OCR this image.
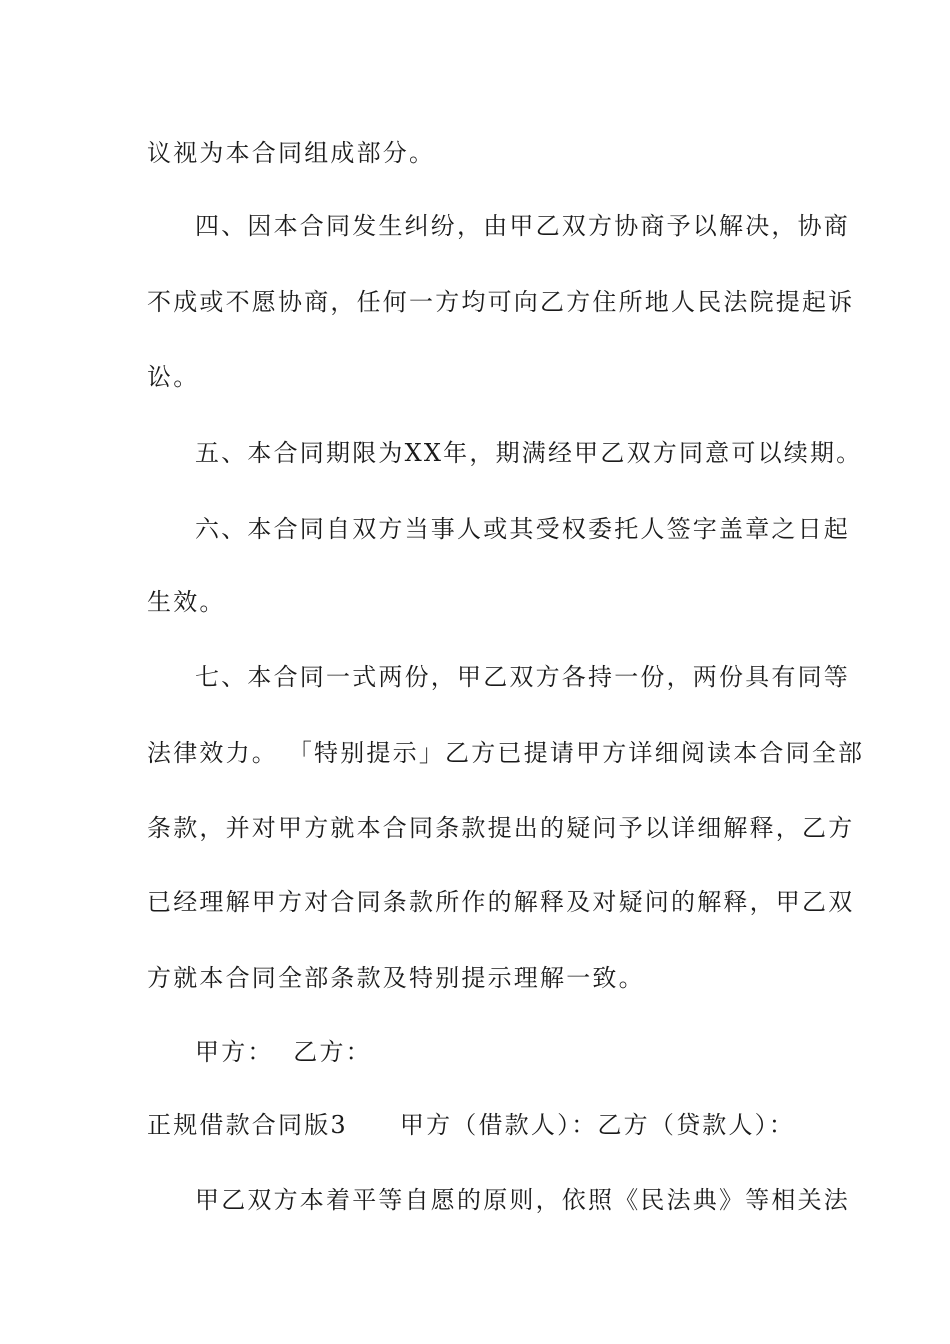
议视为本合同组成部分。
四、因本合同发生纠纷，由甲乙双方协商予以解决，协商
不成或不愿协商，任何一方均可向乙方住所地人民法院提起诉
讼。
五、本合同期限为XX年，期满经甲乙双方同意可以续期。
六、本合同自双方当事人或其受权委托人签字盖章之日起
生效。
七、本合同一式两份，甲乙双方各持一份，两份具有同等
法律效力。 「特别提示」乙方已提请甲方详细阅读本合同全部
条款，并对甲方就本合同条款提出的疑问予以详细解释，乙方
已经理解甲方对合同条款所作的解释及对疑问的解释，甲乙双
方就本合同全部条款及特别提示理解一致。
甲方：  乙方：
正规借款合同版3 甲方（借款人）：乙方（贷款人）：
甲乙双方本着平等自愿的原则，依照《民法典》等相关法
